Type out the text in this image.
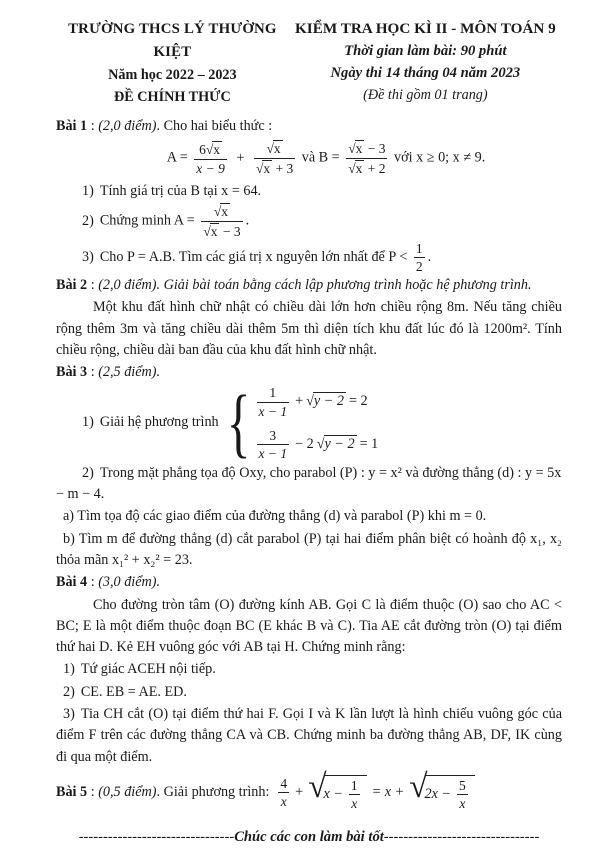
TRƯỜNG THCS LÝ THƯỜNG KIỆT
Năm học 2022 – 2023
ĐỀ CHÍNH THỨC
KIỂM TRA HỌC KÌ II - MÔN TOÁN 9
Thời gian làm bài: 90 phút
Ngày thi 14 tháng 04 năm 2023
(Đề thi gồm 01 trang)
Bài 1 : (2,0 điểm). Cho hai biểu thức :
$A = \frac{6 √ x}{x - 9}$ + √ x
√ x + 3 và B = √ x − 3
√ x + 2 với x ≥ 0; x ≠ 9.
1) Tính giá trị của B tại x = 64.
2) Chứng minh A = √ x
√ x − 3 .
3) Cho P = A.B. Tìm các giá trị x nguyên lớn nhất để $P < \frac{1}{2}$ .
Bài 2 : (2,0 điểm). Giải bài toán bằng cách lập phương trình hoặc hệ phương trình.

Một khu đất hình chữ nhật có chiều dài lớn hơn chiều rộng 8m. Nếu tăng chiều rộng thêm 3m và tăng chiều dài thêm 5m thì diện tích khu đất lúc đó là 1200m². Tính chiều rộng, chiều dài ban đầu của khu đất hình chữ nhật.

Bài 3 : (2,5 điểm).
1) Giải hệ phương trình
{
1
x − 1
+ √ y − 2 = 2
3
x − 1
− 2 √ y − 2 = 1

2) Trong mặt phẳng tọa độ Oxy, cho parabol (P) : y = x² và đường thẳng (d) : y = 5x − m − 4.

a) Tìm tọa độ các giao điểm của đường thẳng (d) và parabol (P) khi m = 0.

b) Tìm m để đường thẳng (d) cắt parabol (P) tại hai điểm phân biệt có hoành độ x₁, x₂ thỏa mãn x₁² + x₂² = 23.

Bài 4 : (3,0 điểm).

Cho đường tròn tâm (O) đường kính AB. Gọi C là điểm thuộc (O) sao cho AC < BC; E là một điểm thuộc đoạn BC (E khác B và C). Tia AE cắt đường tròn (O) tại điểm thứ hai D. Kẻ EH vuông góc với AB tại H. Chứng minh rằng:

1) Tứ giác ACEH nội tiếp.
2) CE. EB = AE. ED.

3) Tia CH cắt (O) tại điểm thứ hai F. Gọi I và K lần lượt là hình chiếu vuông góc của điểm F trên các đường thẳng CA và CB. Chứng minh ba đường thẳng AB, DF, IK cùng đi qua một điểm.

Bài 5 : (0,5 điểm). Giải phương trình:
4
x
+ √ x −
1
x
= x + √ 2x −
5
x
--------------------------------Chúc các con làm bài tốt--------------------------------
